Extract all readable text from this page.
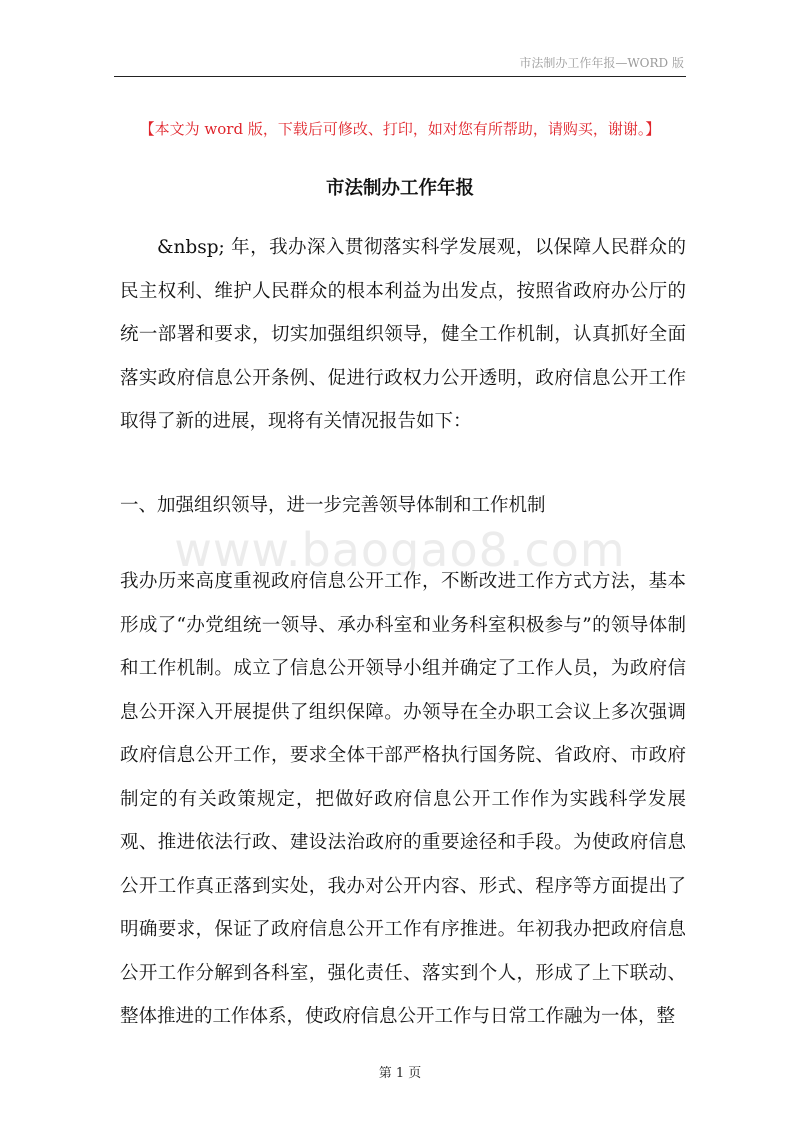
市法制办工作年报—WORD 版
【本文为 word 版，下载后可修改、打印，如对您有所帮助，请购买，谢谢。】
市法制办工作年报

&nbsp; 年，我办深入贯彻落实科学发展观，以保障人民群众的民主权利、维护人民群众的根本利益为出发点，按照省政府办公厅的统一部署和要求，切实加强组织领导，健全工作机制，认真抓好全面落实政府信息公开条例、促进行政权力公开透明，政府信息公开工作取得了新的进展，现将有关情况报告如下：

一、加强组织领导，进一步完善领导体制和工作机制
www.baogao8.com

我办历来高度重视政府信息公开工作，不断改进工作方式方法，基本形成了“办党组统一领导、承办科室和业务科室积极参与”的领导体制和工作机制。成立了信息公开领导小组并确定了工作人员，为政府信息公开深入开展提供了组织保障。办领导在全办职工会议上多次强调政府信息公开工作，要求全体干部严格执行国务院、省政府、市政府制定的有关政策规定，把做好政府信息公开工作作为实践科学发展观、推进依法行政、建设法治政府的重要途径和手段。为使政府信息公开工作真正落到实处，我办对公开内容、形式、程序等方面提出了明确要求，保证了政府信息公开工作有序推进。年初我办把政府信息公开工作分解到各科室，强化责任、落实到个人，形成了上下联动、整体推进的工作体系，使政府信息公开工作与日常工作融为一体，整

第 1 页
